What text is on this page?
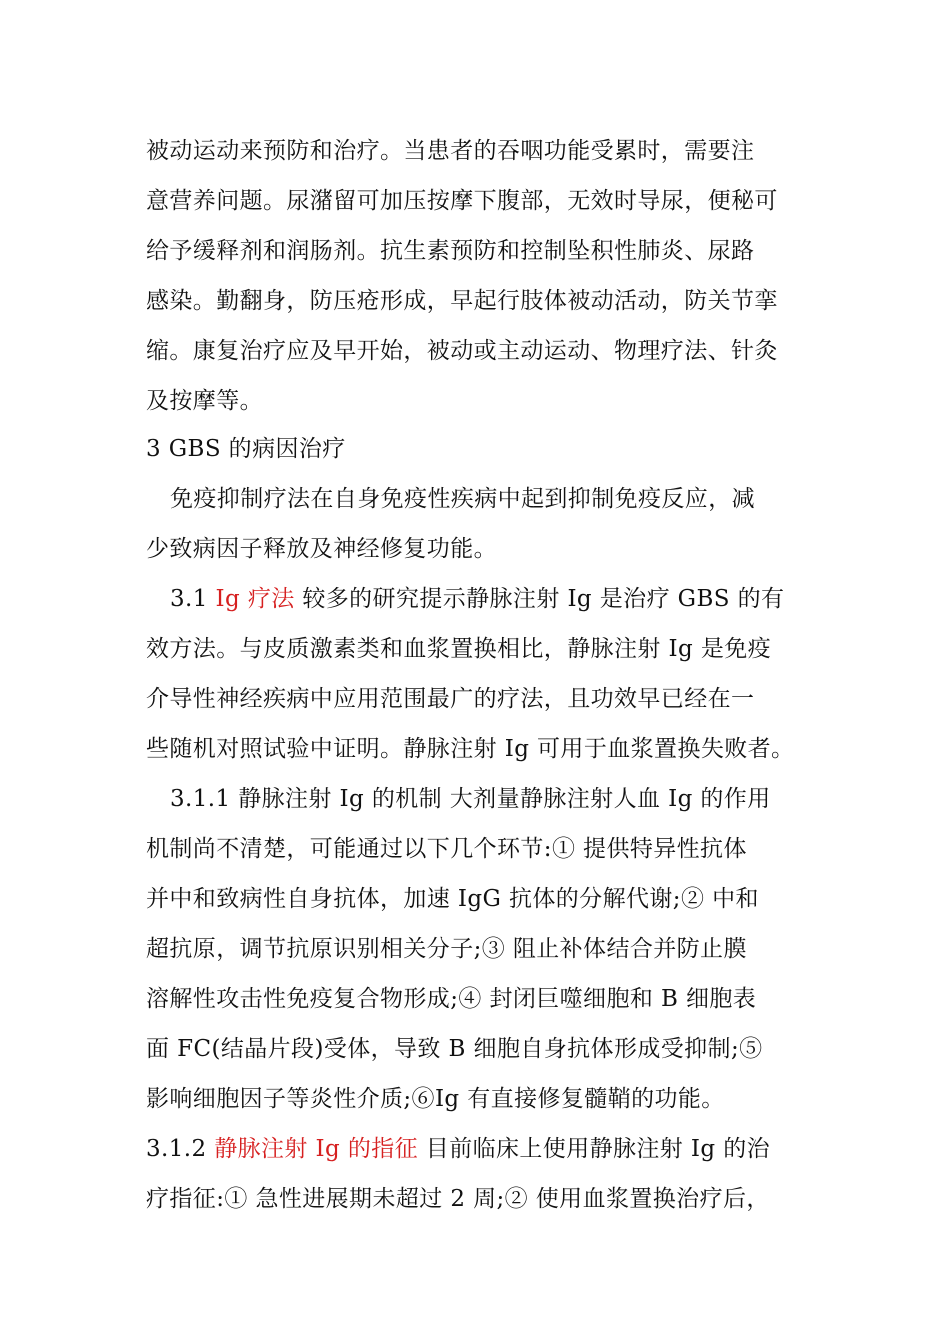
被动运动来预防和治疗。当患者的吞咽功能受累时，需要注
意营养问题。尿潴留可加压按摩下腹部，无效时导尿，便秘可
给予缓释剂和润肠剂。抗生素预防和控制坠积性肺炎、尿路
感染。勤翻身，防压疮形成，早起行肢体被动活动，防关节挛
缩。康复治疗应及早开始，被动或主动运动、物理疗法、针灸
及按摩等。
3 GBS 的病因治疗
免疫抑制疗法在自身免疫性疾病中起到抑制免疫反应，减
少致病因子释放及神经修复功能。
3.1 Ig 疗法 较多的研究提示静脉注射 Ig 是治疗 GBS 的有
效方法。与皮质激素类和血浆置换相比，静脉注射 Ig 是免疫
介导性神经疾病中应用范围最广的疗法，且功效早已经在一
些随机对照试验中证明。静脉注射 Ig 可用于血浆置换失败者。
3.1.1 静脉注射 Ig 的机制 大剂量静脉注射人血 Ig 的作用
机制尚不清楚，可能通过以下几个环节:① 提供特异性抗体
并中和致病性自身抗体，加速 IgG 抗体的分解代谢;② 中和
超抗原，调节抗原识别相关分子;③ 阻止补体结合并防止膜
溶解性攻击性免疫复合物形成;④ 封闭巨噬细胞和 B 细胞表
面 FC(结晶片段)受体，导致 B 细胞自身抗体形成受抑制;⑤
影响细胞因子等炎性介质;⑥Ig 有直接修复髓鞘的功能。
3.1.2 静脉注射 Ig 的指征 目前临床上使用静脉注射 Ig 的治
疗指征:① 急性进展期未超过 2 周;② 使用血浆置换治疗后，
